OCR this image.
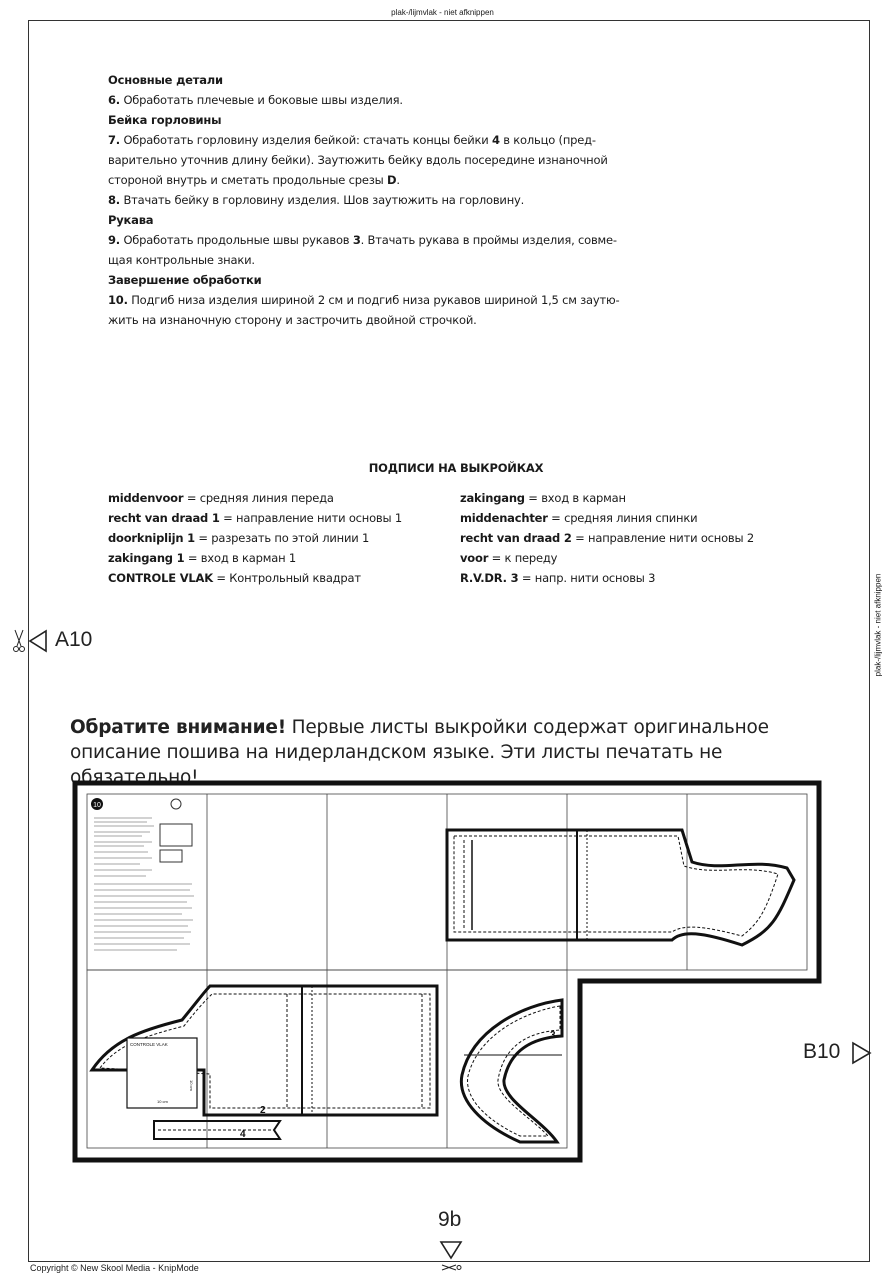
plak-/lijmvlak - niet afknippen
plak-/lijmvlak - niet afknippen

Основные детали

6. Обработать плечевые и боковые швы изделия.

Бейка горловины

7. Обработать горловину изделия бейкой: стачать концы бейки 4 в кольцо (пред-

варительно уточнив длину бейки). Заутюжить бейку вдоль посередине изнаночной

стороной внутрь и сметать продольные срезы D.

8. Втачать бейку в горловину изделия. Шов заутюжить на горловину.

Рукава

9. Обработать продольные швы рукавов 3. Втачать рукава в проймы изделия, совме-

щая контрольные знаки.

Завершение обработки

10. Подгиб низа изделия шириной 2 см и подгиб низа рукавов шириной 1,5 см заутю-

жить на изнаночную сторону и застрочить двойной строчкой.

ПОДПИСИ НА ВЫКРОЙКАХ
middenvoor = средняя линия переда
recht van draad 1 = направление нити основы 1
doorkniplijn 1 = разрезать по этой линии 1
zakingang 1 = вход в карман 1
CONTROLE VLAK = Контрольный квадрат
zakingang = вход в карман
middenachter = средняя линия спинки
recht van draad 2 = направление нити основы 2
voor = к переду
R.V.DR. 3 = напр. нити основы 3
A10
B10
9b
Обратите внимание! Первые листы выкройки содержат оригинальное описание пошива на нидерландском языке. Эти листы печатать не обязательно!
10
CONTROLE VLAK
10 cm
10 cm
2
4
3
Copyright © New Skool Media - KnipMode
